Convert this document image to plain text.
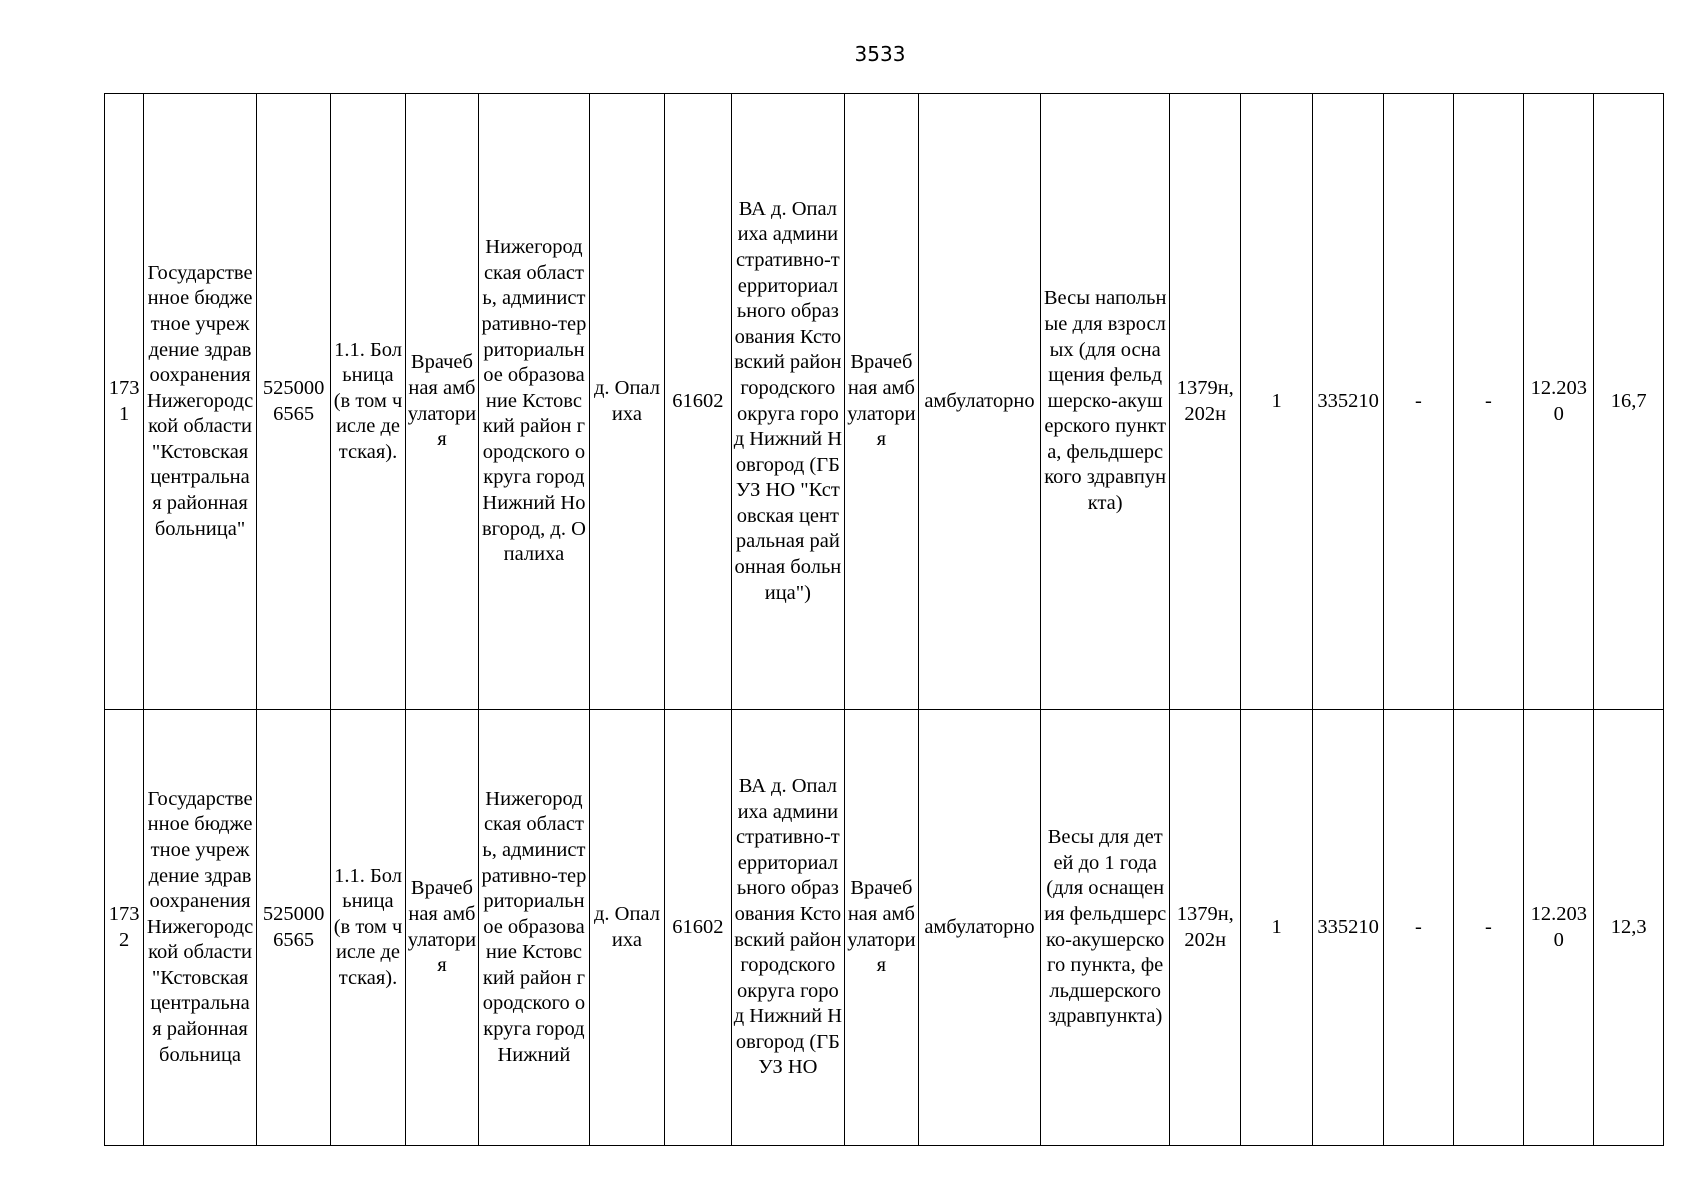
3533
1731	Государственное бюджетное учреждение здравоохранения Нижегородской области "Кстовская центральная районная больница"	5250006565	1.1. Больница (в том числе детская).	Врачебная амбулатория	Нижегородская область, административно-территориальное образование Кстовский район городского округа город Нижний Новгород, д. Опалиха	д. Опалиха	61602	ВА д. Опалиха административно-территориального образования Кстовский район городского округа город Нижний Новгород (ГБУЗ НО "Кстовская центральная районная больница")	Врачебная амбулатория	амбулаторно	Весы напольные для взрослых (для оснащения фельдшерско-акушерского пункта, фельдшерского здравпункта)	1379н, 202н	1	335210	-	-	12.2030	16,7
1732	Государственное бюджетное учреждение здравоохранения Нижегородской области "Кстовская центральная районная больница	5250006565	1.1. Больница (в том числе детская).	Врачебная амбулатория	Нижегородская область, административно-территориальное образование Кстовский район городского округа город Нижний	д. Опалиха	61602	ВА д. Опалиха административно-территориального образования Кстовский район городского округа город Нижний Новгород (ГБУЗ НО	Врачебная амбулатория	амбулаторно	Весы для детей до 1 года (для оснащения фельдшерско-акушерского пункта, фельдшерского здравпункта)	1379н, 202н	1	335210	-	-	12.2030	12,3
